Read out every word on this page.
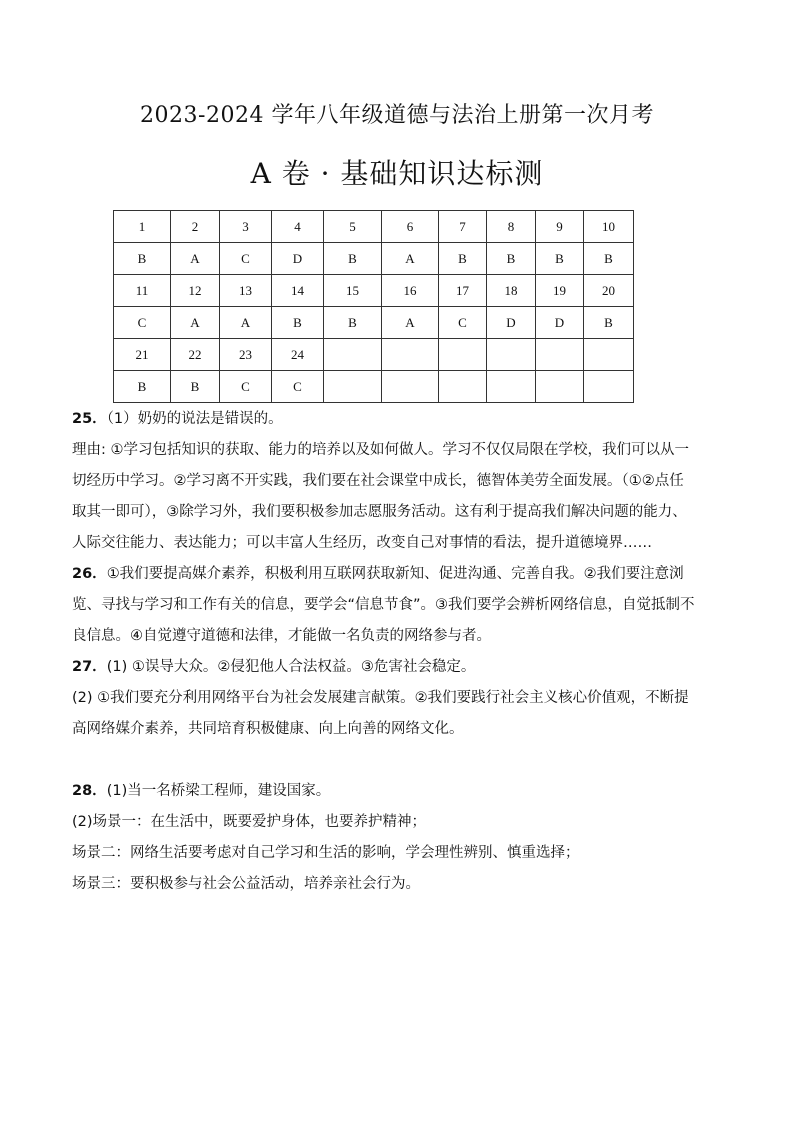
2023-2024 学年八年级道德与法治上册第一次月考
A 卷 · 基础知识达标测
1	2	3	4	5	6	7	8	9	10
B	A	C	D	B	A	B	B	B	B
11	12	13	14	15	16	17	18	19	20
C	A	A	B	B	A	C	D	D	B
21	22	23	24						
B	B	C	C						

25．（1）奶奶的说法是错误的。

理由: ①学习包括知识的获取、能力的培养以及如何做人。学习不仅仅局限在学校，我们可以从一

切经历中学习。②学习离不开实践，我们要在社会课堂中成长，德智体美劳全面发展。（①②点任

取其一即可），③除学习外，我们要积极参加志愿服务活动。这有利于提高我们解决问题的能力、

人际交往能力、表达能力；可以丰富人生经历，改变自己对事情的看法，提升道德境界……

26．①我们要提高媒介素养，积极利用互联网获取新知、促进沟通、完善自我。②我们要注意浏

览、寻找与学习和工作有关的信息，要学会“信息节食”。③我们要学会辨析网络信息，自觉抵制不

良信息。④自觉遵守道德和法律，才能做一名负责的网络参与者。

27．(1) ①误导大众。②侵犯他人合法权益。③危害社会稳定。

(2) ①我们要充分利用网络平台为社会发展建言献策。②我们要践行社会主义核心价值观，不断提

高网络媒介素养，共同培育积极健康、向上向善的网络文化。

28．(1)当一名桥梁工程师，建设国家。

(2)场景一：在生活中，既要爱护身体，也要养护精神；

场景二：网络生活要考虑对自己学习和生活的影响，学会理性辨别、慎重选择；

场景三：要积极参与社会公益活动，培养亲社会行为。
